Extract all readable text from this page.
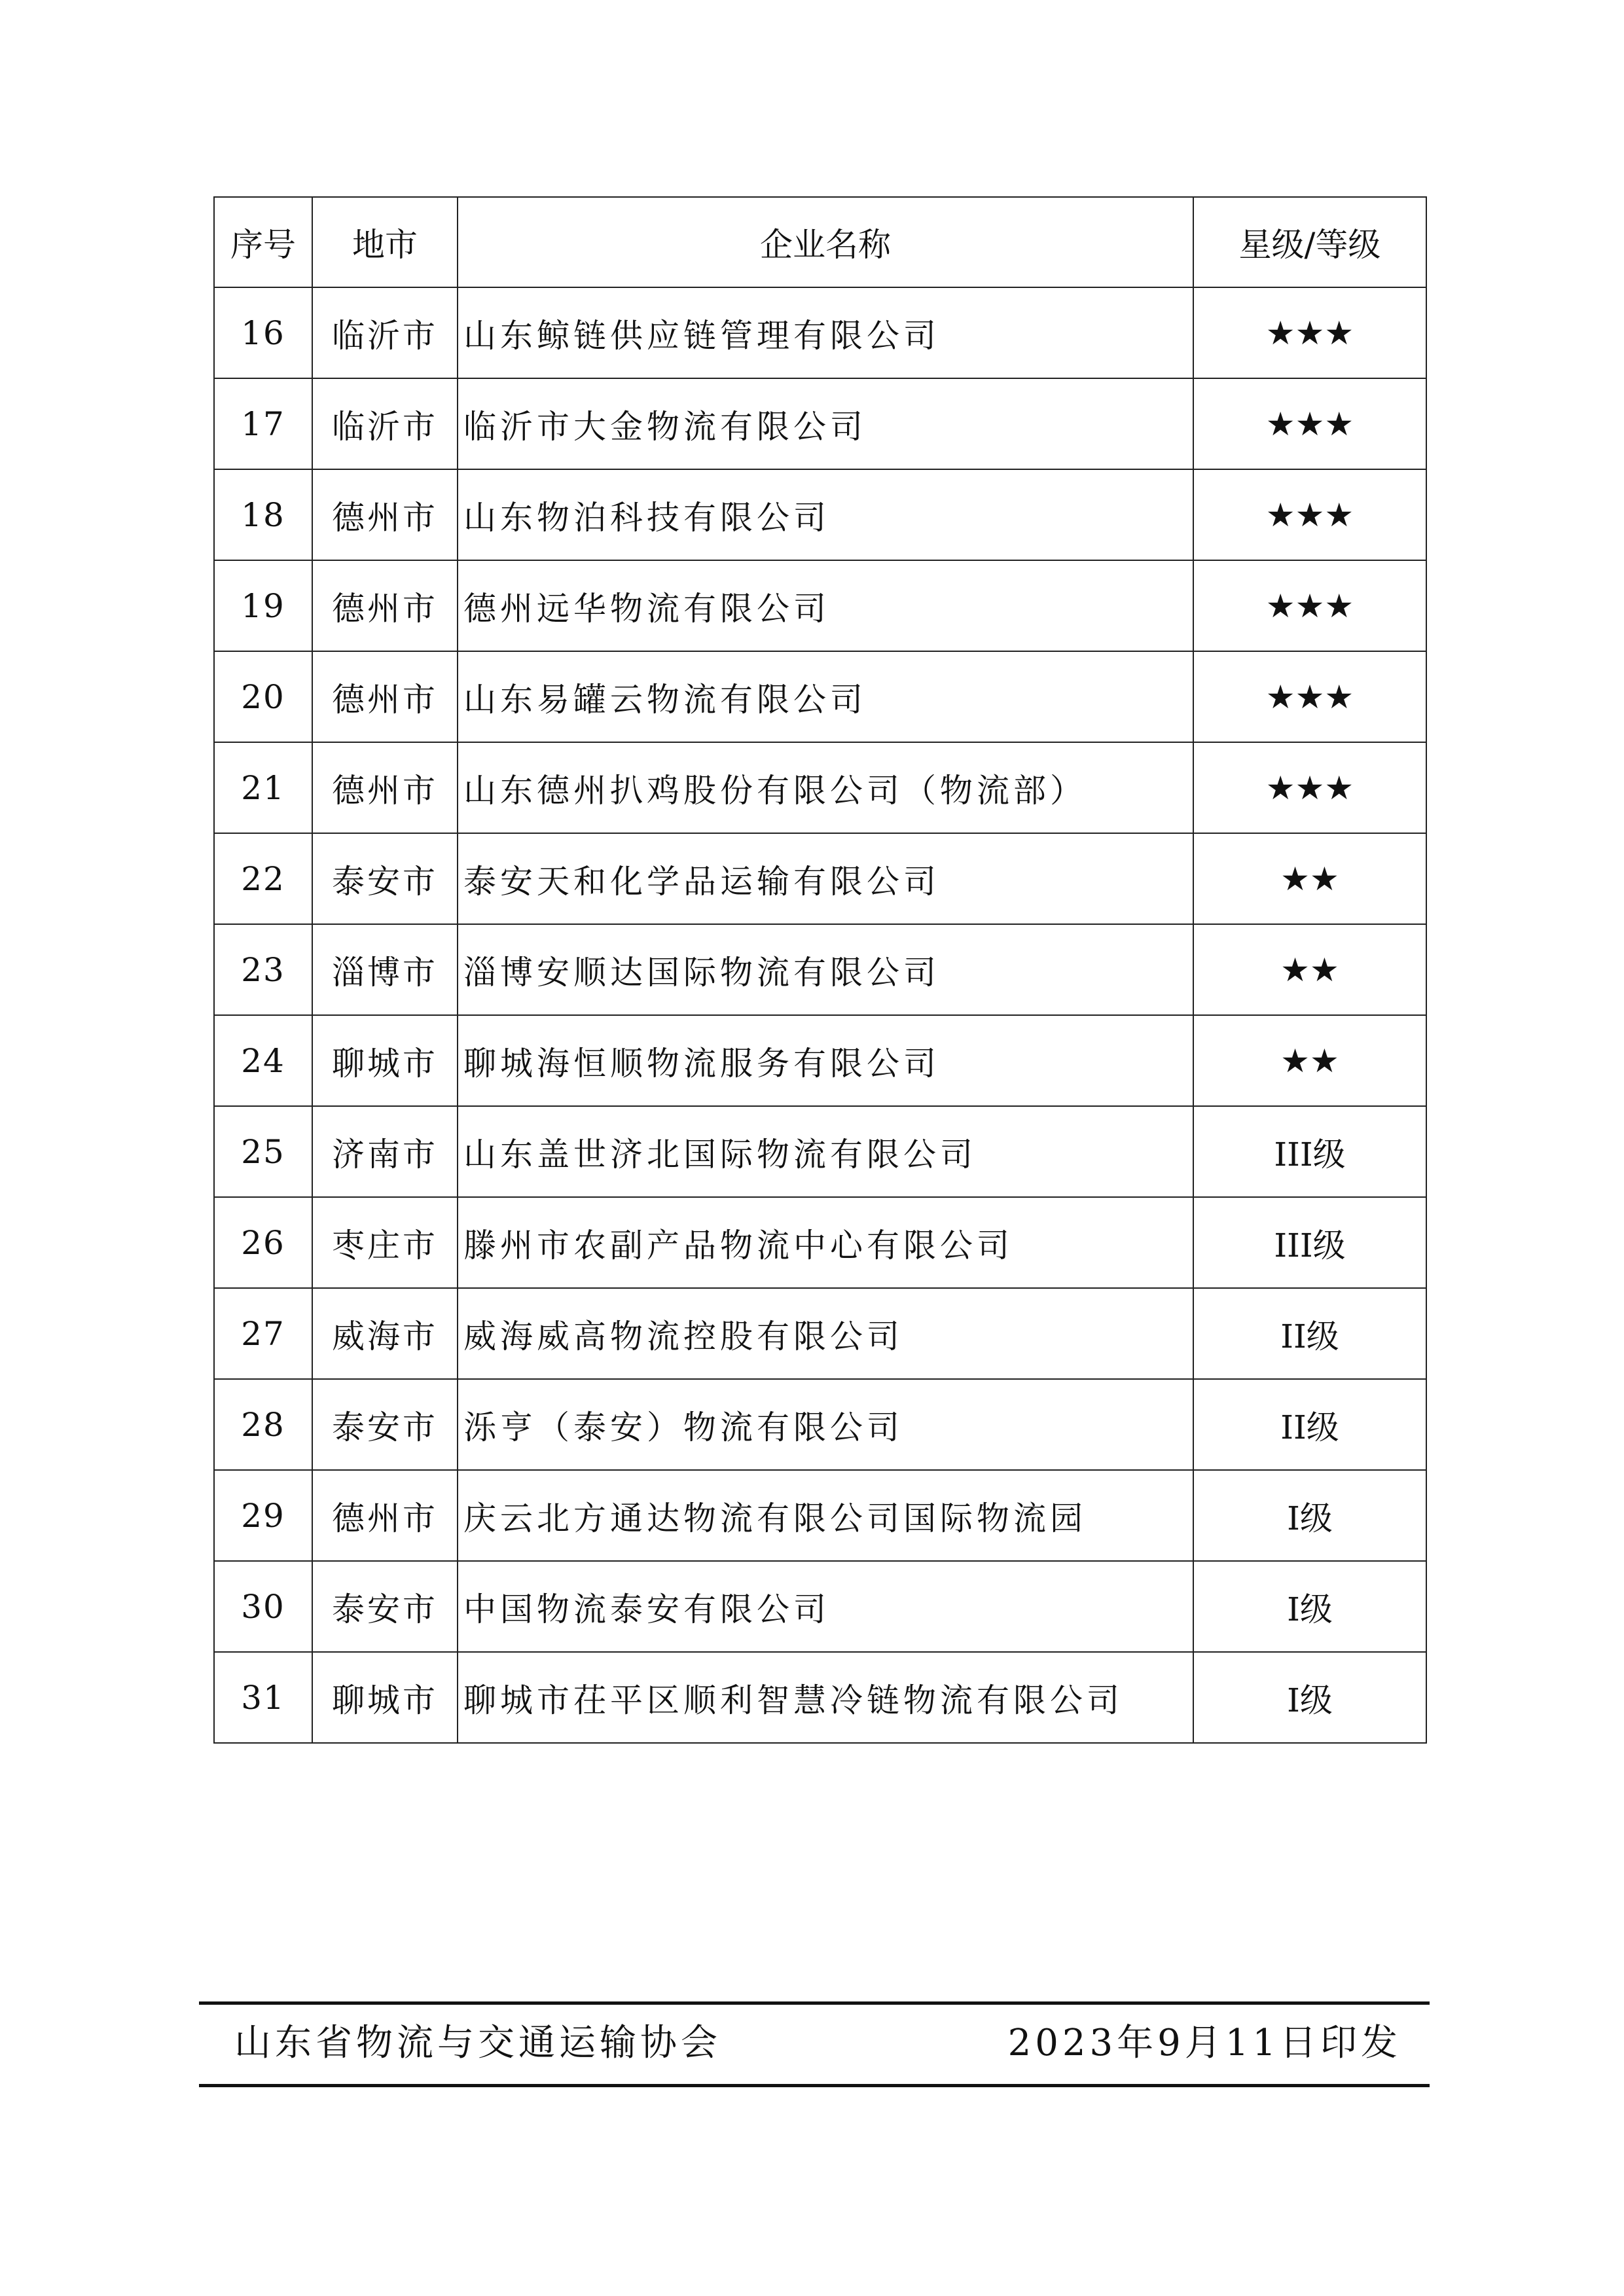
序号	地市	企业名称	星级/等级
16	临沂市	山东鲸链供应链管理有限公司	★★★
17	临沂市	临沂市大金物流有限公司	★★★
18	德州市	山东物泊科技有限公司	★★★
19	德州市	德州远华物流有限公司	★★★
20	德州市	山东易罐云物流有限公司	★★★
21	德州市	山东德州扒鸡股份有限公司（物流部）	★★★
22	泰安市	泰安天和化学品运输有限公司	★★
23	淄博市	淄博安顺达国际物流有限公司	★★
24	聊城市	聊城海恒顺物流服务有限公司	★★
25	济南市	山东盖世济北国际物流有限公司	III级
26	枣庄市	滕州市农副产品物流中心有限公司	III级
27	威海市	威海威高物流控股有限公司	II级
28	泰安市	泺亨（泰安）物流有限公司	II级
29	德州市	庆云北方通达物流有限公司国际物流园	I级
30	泰安市	中国物流泰安有限公司	I级
31	聊城市	聊城市茌平区顺利智慧冷链物流有限公司	I级
山东省物流与交通运输协会	2023年9月11日印发
